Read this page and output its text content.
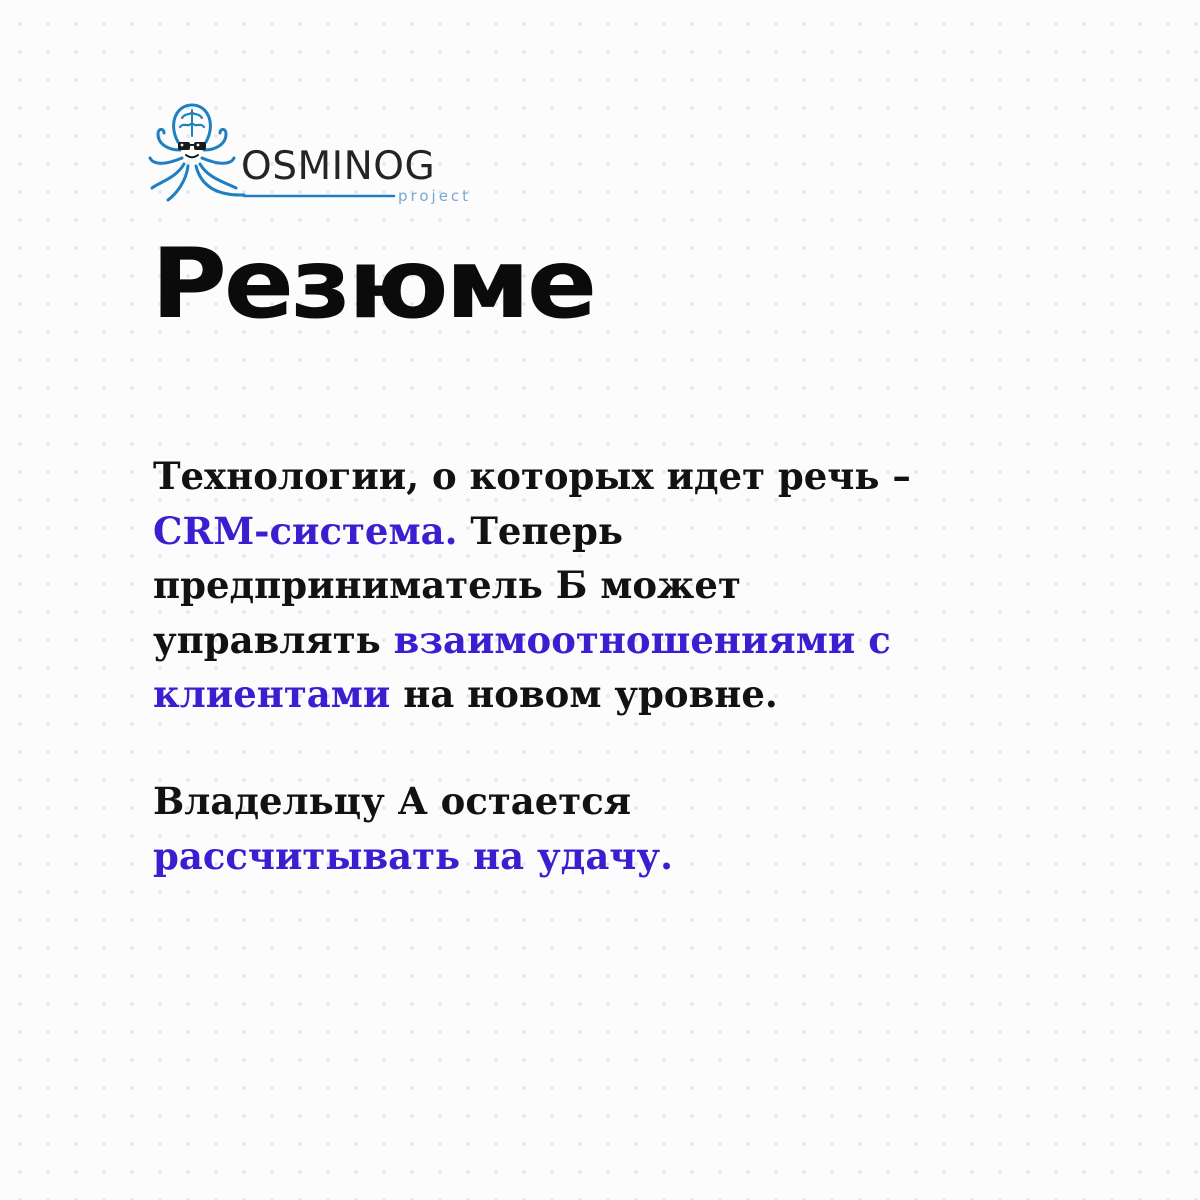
OSMINOG
project
Резюме

Технологии, о которых идет речь –
CRM-система. Теперь
предприниматель Б может
управлять взаимоотношениями с
клиентами на новом уровне.

Владельцу А остается
рассчитывать на удачу.
